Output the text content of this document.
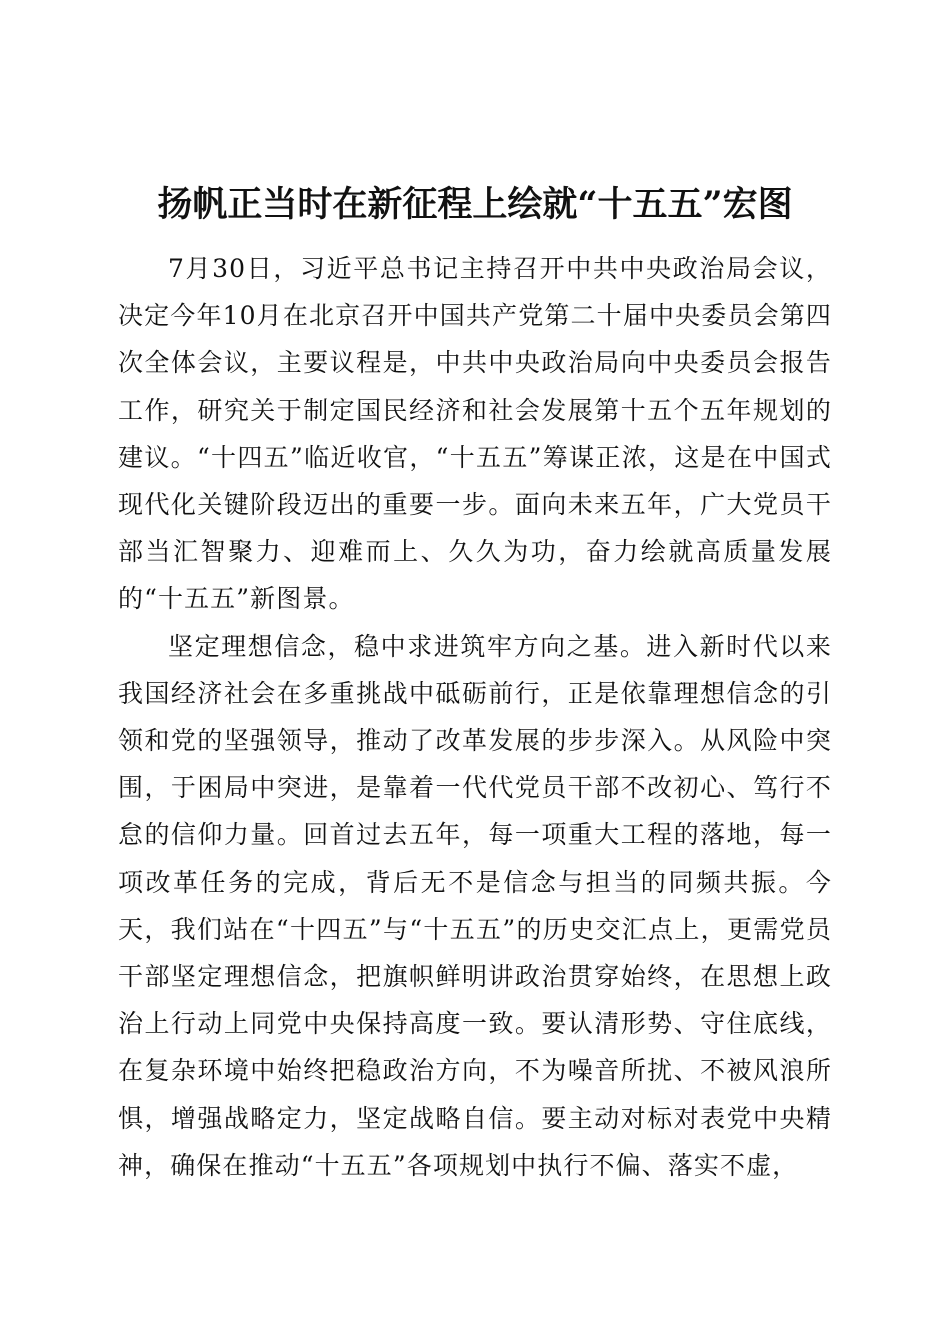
扬帆正当时在新征程上绘就“十五五”宏图

7月30日，习近平总书记主持召开中共中央政治局会议，决定今年10月在北京召开中国共产党第二十届中央委员会第四次全体会议，主要议程是，中共中央政治局向中央委员会报告工作，研究关于制定国民经济和社会发展第十五个五年规划的建议。“十四五”临近收官，“十五五”筹谋正浓，这是在中国式现代化关键阶段迈出的重要一步。面向未来五年，广大党员干部当汇智聚力、迎难而上、久久为功，奋力绘就高质量发展的“十五五”新图景。

坚定理想信念，稳中求进筑牢方向之基。进入新时代以来我国经济社会在多重挑战中砥砺前行，正是依靠理想信念的引领和党的坚强领导，推动了改革发展的步步深入。从风险中突围，于困局中突进，是靠着一代代党员干部不改初心、笃行不怠的信仰力量。回首过去五年，每一项重大工程的落地，每一项改革任务的完成，背后无不是信念与担当的同频共振。今天，我们站在“十四五”与“十五五”的历史交汇点上，更需党员干部坚定理想信念，把旗帜鲜明讲政治贯穿始终，在思想上政治上行动上同党中央保持高度一致。要认清形势、守住底线，在复杂环境中始终把稳政治方向，不为噪音所扰、不被风浪所惧，增强战略定力，坚定战略自信。要主动对标对表党中央精神，确保在推动“十五五”各项规划中执行不偏、落实不虚，
